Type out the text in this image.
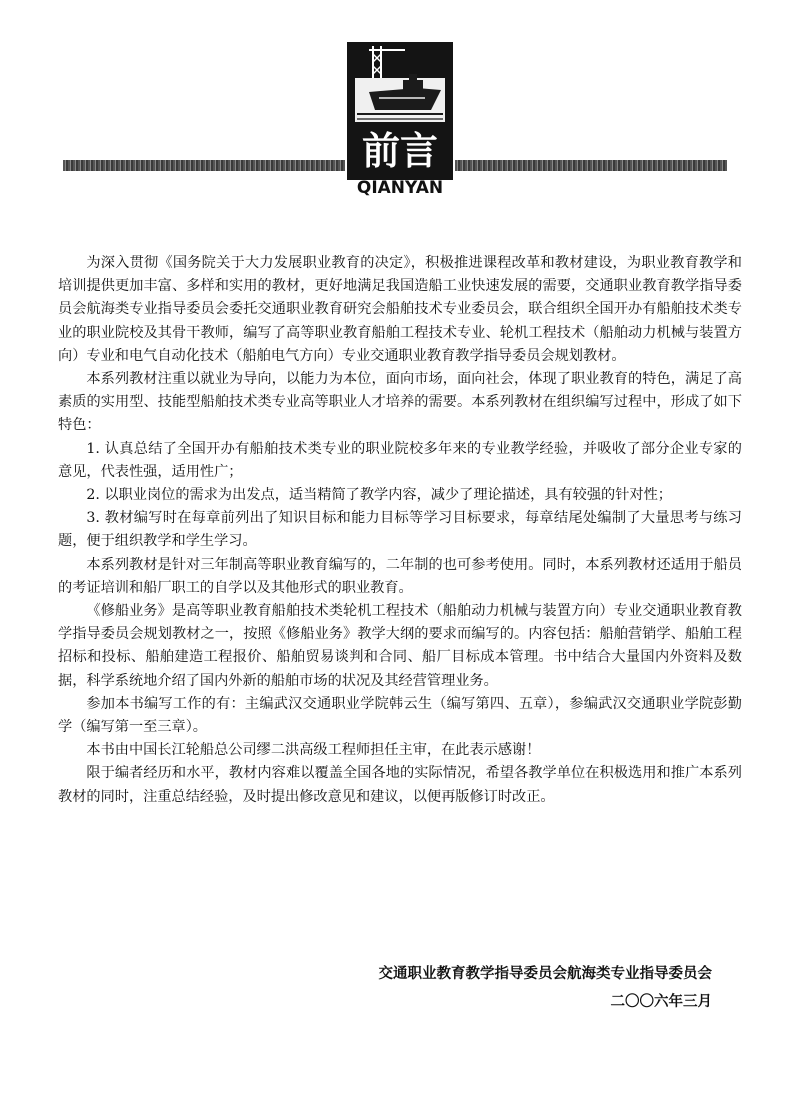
前言
QIANYAN

为深入贯彻《国务院关于大力发展职业教育的决定》，积极推进课程改革和教材建设，为职业教育教学和培训提供更加丰富、多样和实用的教材，更好地满足我国造船工业快速发展的需要，交通职业教育教学指导委员会航海类专业指导委员会委托交通职业教育研究会船舶技术专业委员会，联合组织全国开办有船舶技术类专业的职业院校及其骨干教师，编写了高等职业教育船舶工程技术专业、轮机工程技术（船舶动力机械与装置方向）专业和电气自动化技术（船舶电气方向）专业交通职业教育教学指导委员会规划教材。

本系列教材注重以就业为导向，以能力为本位，面向市场，面向社会，体现了职业教育的特色，满足了高素质的实用型、技能型船舶技术类专业高等职业人才培养的需要。本系列教材在组织编写过程中，形成了如下特色：

1. 认真总结了全国开办有船舶技术类专业的职业院校多年来的专业教学经验，并吸收了部分企业专家的意见，代表性强，适用性广；

2. 以职业岗位的需求为出发点，适当精简了教学内容，减少了理论描述，具有较强的针对性；

3. 教材编写时在每章前列出了知识目标和能力目标等学习目标要求，每章结尾处编制了大量思考与练习题，便于组织教学和学生学习。

本系列教材是针对三年制高等职业教育编写的，二年制的也可参考使用。同时，本系列教材还适用于船员的考证培训和船厂职工的自学以及其他形式的职业教育。

《修船业务》是高等职业教育船舶技术类轮机工程技术（船舶动力机械与装置方向）专业交通职业教育教学指导委员会规划教材之一，按照《修船业务》教学大纲的要求而编写的。内容包括：船舶营销学、船舶工程招标和投标、船舶建造工程报价、船舶贸易谈判和合同、船厂目标成本管理。书中结合大量国内外资料及数据，科学系统地介绍了国内外新的船舶市场的状况及其经营管理业务。

参加本书编写工作的有：主编武汉交通职业学院韩云生（编写第四、五章），参编武汉交通职业学院彭勤学（编写第一至三章）。

本书由中国长江轮船总公司缪二洪高级工程师担任主审，在此表示感谢！

限于编者经历和水平，教材内容难以覆盖全国各地的实际情况，希望各教学单位在积极选用和推广本系列教材的同时，注重总结经验，及时提出修改意见和建议，以便再版修订时改正。

交通职业教育教学指导委员会航海类专业指导委员会
二〇〇六年三月
